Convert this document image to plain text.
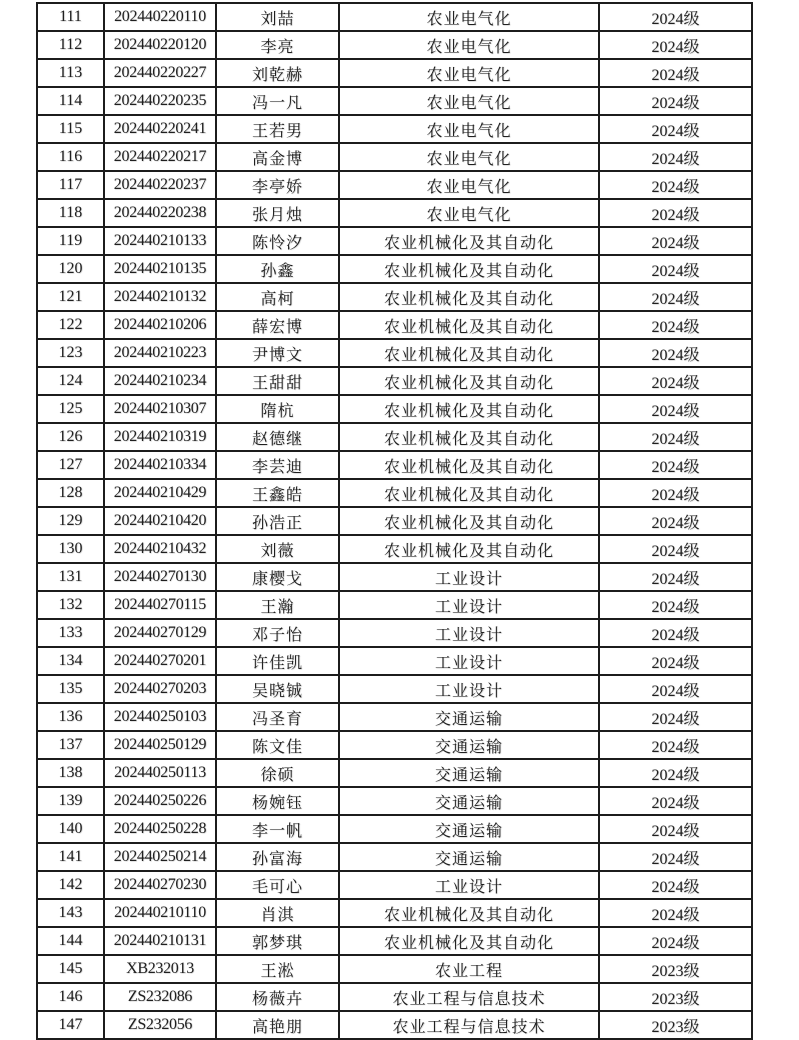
111	202440220110	刘喆	农业电气化	2024级
112	202440220120	李亮	农业电气化	2024级
113	202440220227	刘乾赫	农业电气化	2024级
114	202440220235	冯一凡	农业电气化	2024级
115	202440220241	王若男	农业电气化	2024级
116	202440220217	高金博	农业电气化	2024级
117	202440220237	李亭娇	农业电气化	2024级
118	202440220238	张月烛	农业电气化	2024级
119	202440210133	陈怜汐	农业机械化及其自动化	2024级
120	202440210135	孙鑫	农业机械化及其自动化	2024级
121	202440210132	高柯	农业机械化及其自动化	2024级
122	202440210206	薛宏博	农业机械化及其自动化	2024级
123	202440210223	尹博文	农业机械化及其自动化	2024级
124	202440210234	王甜甜	农业机械化及其自动化	2024级
125	202440210307	隋杭	农业机械化及其自动化	2024级
126	202440210319	赵德继	农业机械化及其自动化	2024级
127	202440210334	李芸迪	农业机械化及其自动化	2024级
128	202440210429	王鑫皓	农业机械化及其自动化	2024级
129	202440210420	孙浩正	农业机械化及其自动化	2024级
130	202440210432	刘薇	农业机械化及其自动化	2024级
131	202440270130	康樱戈	工业设计	2024级
132	202440270115	王瀚	工业设计	2024级
133	202440270129	邓子怡	工业设计	2024级
134	202440270201	许佳凯	工业设计	2024级
135	202440270203	吴晓铖	工业设计	2024级
136	202440250103	冯圣育	交通运输	2024级
137	202440250129	陈文佳	交通运输	2024级
138	202440250113	徐硕	交通运输	2024级
139	202440250226	杨婉钰	交通运输	2024级
140	202440250228	李一帆	交通运输	2024级
141	202440250214	孙富海	交通运输	2024级
142	202440270230	毛可心	工业设计	2024级
143	202440210110	肖淇	农业机械化及其自动化	2024级
144	202440210131	郭梦琪	农业机械化及其自动化	2024级
145	XB232013	王淞	农业工程	2023级
146	ZS232086	杨薇卉	农业工程与信息技术	2023级
147	ZS232056	高艳朋	农业工程与信息技术	2023级
